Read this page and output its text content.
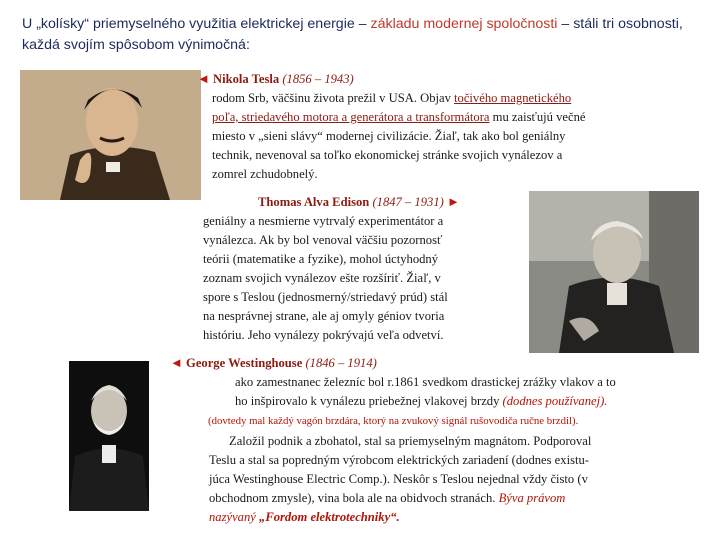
U „kolísky“ priemyselného využitia elektrickej energie – základu modernej spoločnosti – stáli tri osobnosti, každá svojím spôsobom výnimočná:
◄ Nikola Tesla (1856 – 1943)
rodom Srb, väčšinu života prežil v USA. Objav točivého magnetického
poľa, striedavého motora a generátora a transformátora mu zaisťujú večné
miesto v „sieni slávy“ modernej civilizácie. Žiaľ, tak ako bol geniálny
technik, nevenoval sa toľko ekonomickej stránke svojich vynálezov a
zomrel zchudobnelý.
Thomas Alva Edison (1847 – 1931) ►
geniálny a nesmierne vytrvalý experimentátor a
vynálezca. Ak by bol venoval väčšiu pozornosť
teórii (matematike a fyzike), mohol úctyhodný
zoznam svojich vynálezov ešte rozšíriť. Žiaľ, v
spore s Teslou (jednosmerný/striedavý prúd) stál
na nesprávnej strane, ale aj omyly géniov tvoria
históriu. Jeho vynálezy pokrývajú veľa odvetví.
◄ George Westinghouse (1846 – 1914)
ako zamestnanec železníc bol r.1861 svedkom drastickej zrážky vlakov a to
ho inšpirovalo k vynálezu priebežnej vlakovej brzdy (dodnes používanej).
(dovtedy mal každý vagón brzdára, ktorý na zvukový signál rušovodiča ručne brzdil).
Založil podnik a zbohatol, stal sa priemyselným magnátom. Podporoval
Teslu a stal sa popredným výrobcom elektrických zariadení (dodnes existu-
júca Westinghouse Electric Comp.). Neskôr s Teslou nejednal vždy čisto (v
obchodnom zmysle), vina bola ale na obidvoch stranách. Býva právom
nazývaný „Fordom elektrotechniky“.
